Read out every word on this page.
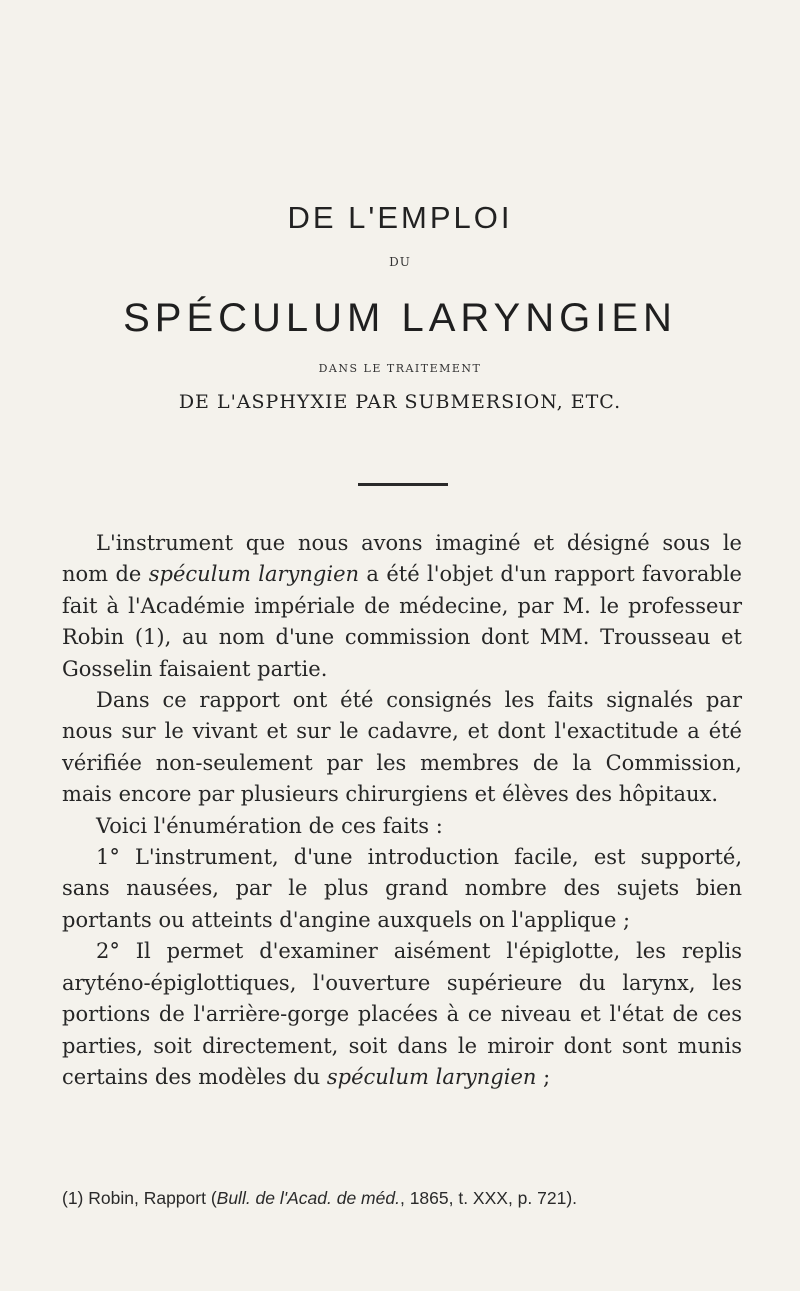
DE L'EMPLOI
DU
SPÉCULUM LARYNGIEN
DANS LE TRAITEMENT
DE L'ASPHYXIE PAR SUBMERSION, ETC.

L'instrument que nous avons imaginé et désigné sous le nom de spéculum laryngien a été l'objet d'un rapport favorable fait à l'Académie impériale de médecine, par M. le professeur Robin (1), au nom d'une commission dont MM. Trousseau et Gosselin faisaient partie.

Dans ce rapport ont été consignés les faits signalés par nous sur le vivant et sur le cadavre, et dont l'exactitude a été vérifiée non-seulement par les membres de la Commission, mais encore par plusieurs chirurgiens et élèves des hôpitaux.

Voici l'énumération de ces faits :

1° L'instrument, d'une introduction facile, est supporté, sans nausées, par le plus grand nombre des sujets bien portants ou atteints d'angine auxquels on l'applique ;

2° Il permet d'examiner aisément l'épiglotte, les replis aryténo-épiglottiques, l'ouverture supérieure du larynx, les portions de l'arrière-gorge placées à ce niveau et l'état de ces parties, soit directement, soit dans le miroir dont sont munis certains des modèles du spéculum laryngien ;

(1) Robin, Rapport (Bull. de l'Acad. de méd., 1865, t. XXX, p. 721).
